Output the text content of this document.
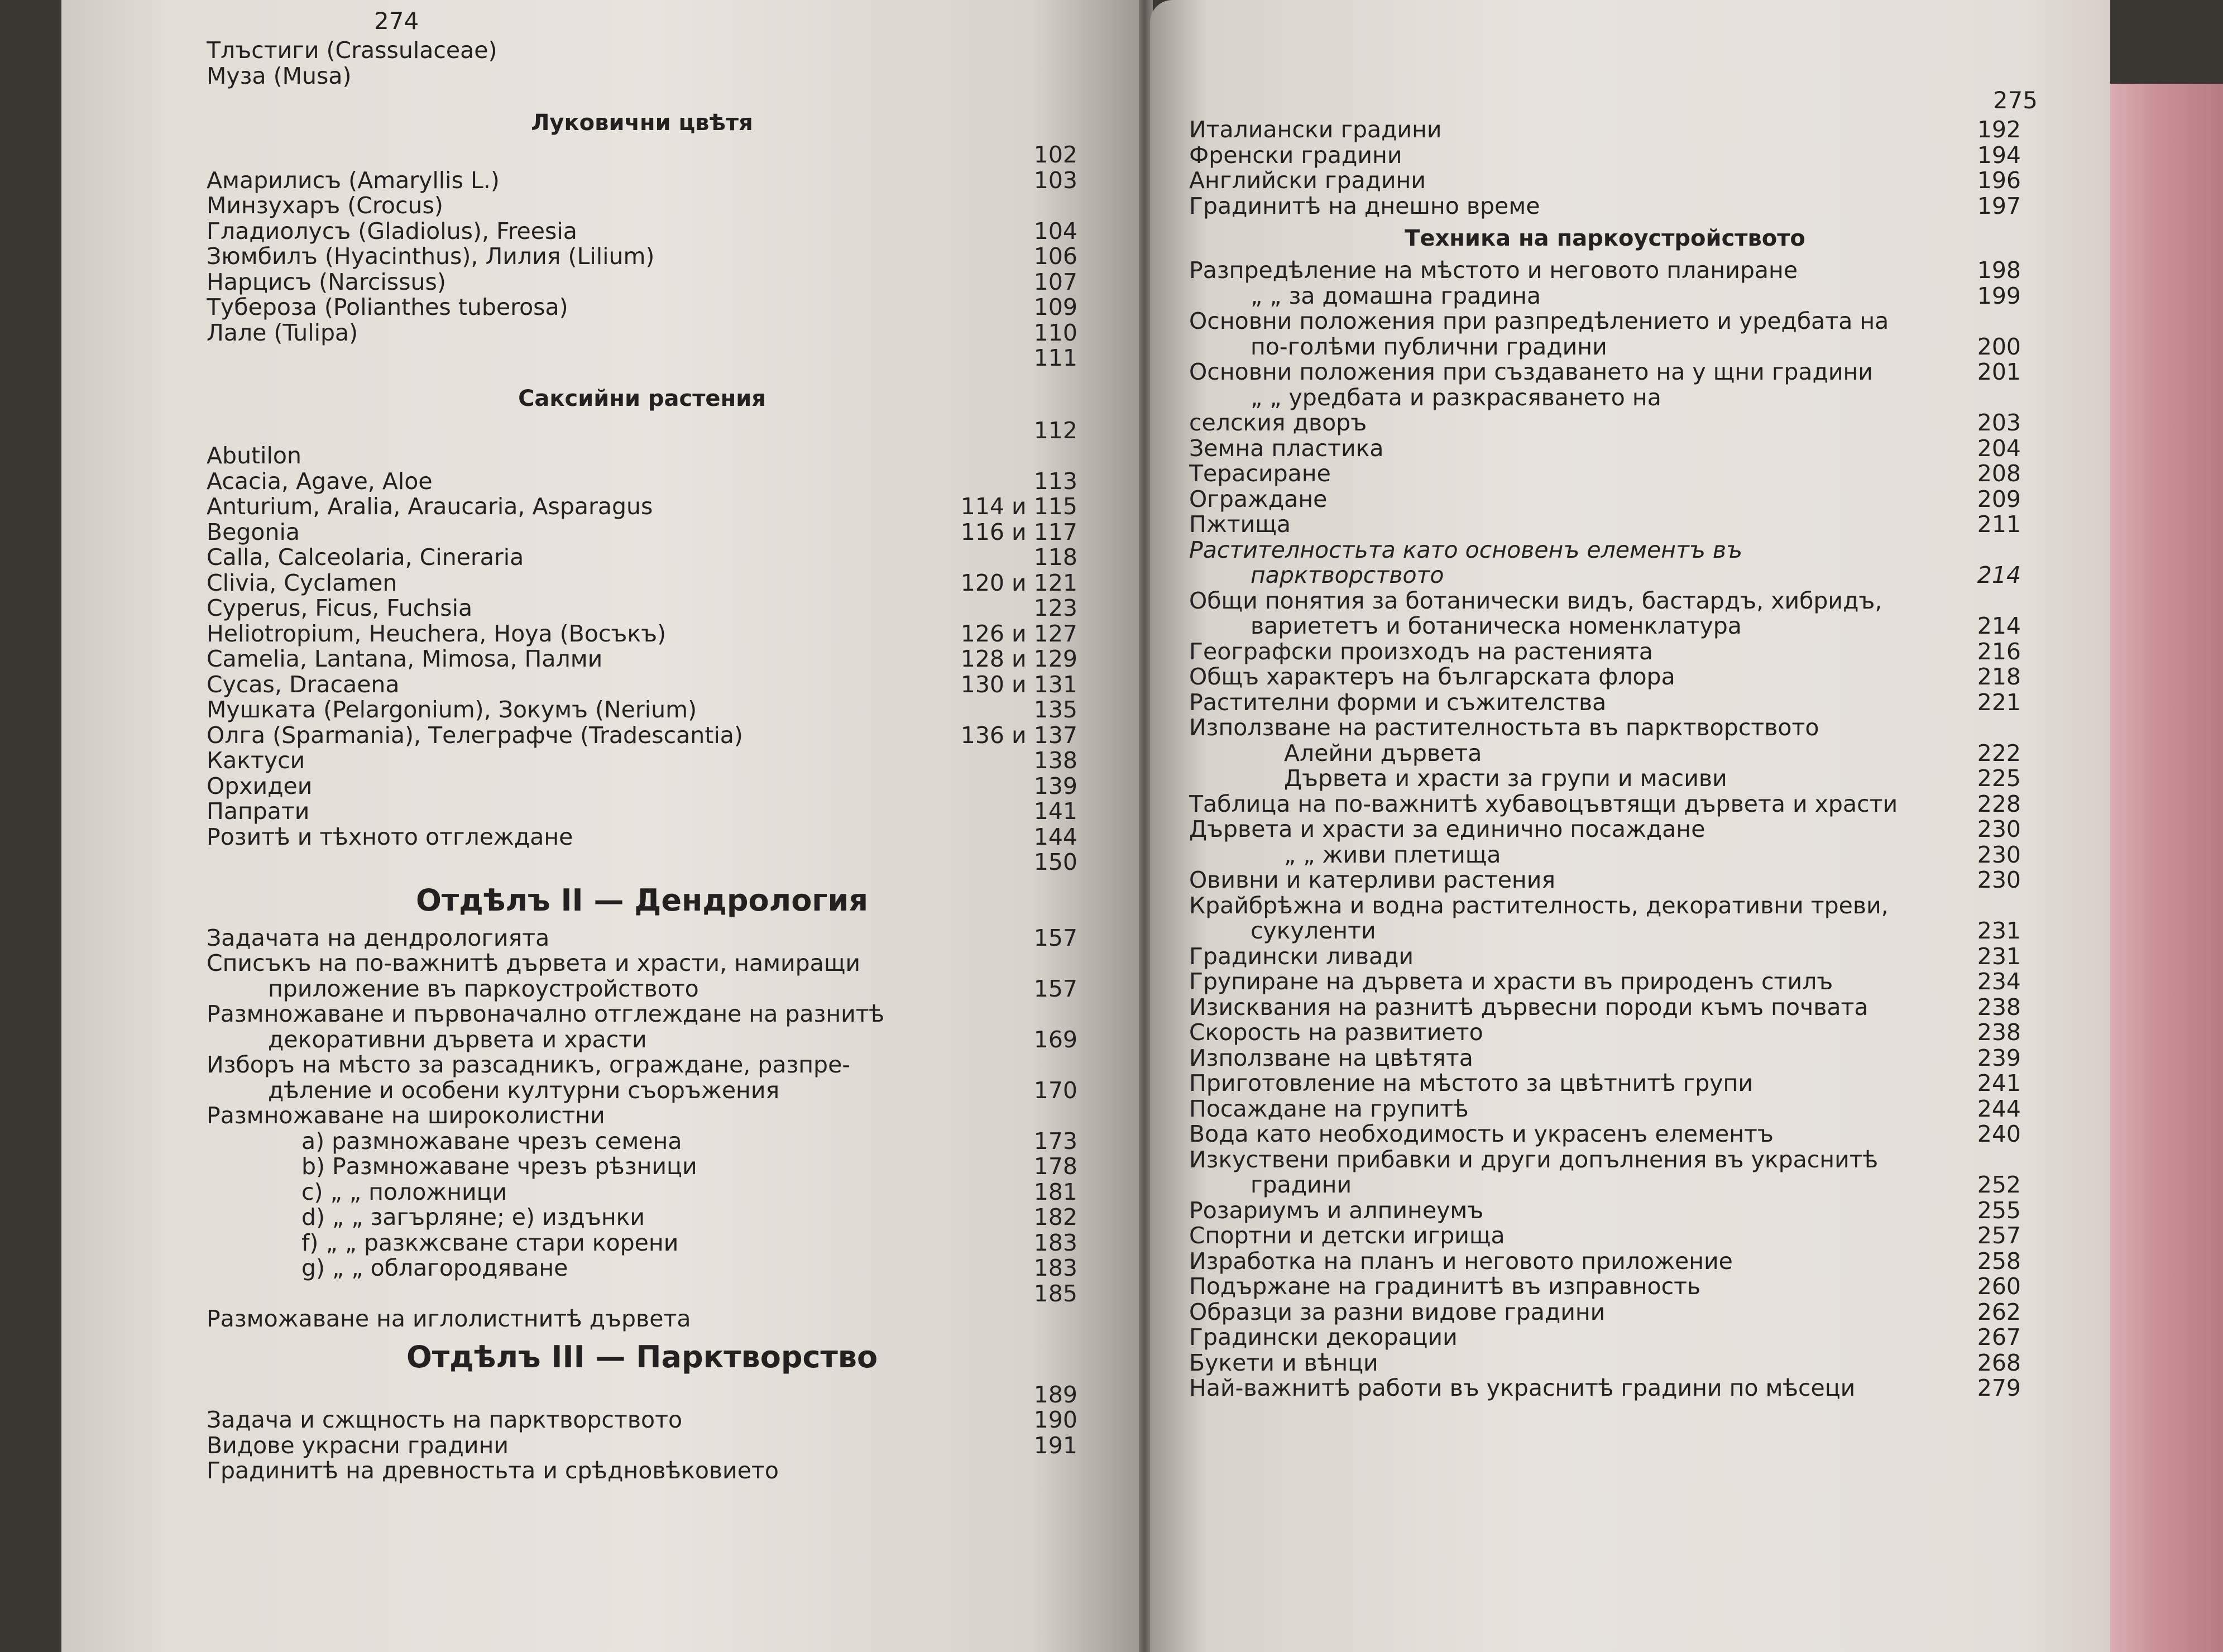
274
Тлъстиги (Crassulaceae)
Муза (Musa)
Луковични цвѣтя
102
Амарилисъ (Amaryllis L.)	103
Минзухаръ (Crocus)
Гладиолусъ (Gladiolus), Freesia	104
Зюмбилъ (Hyacinthus), Лилия (Lilium)	106
Нарцисъ (Narcissus)	107
Тубероза (Polianthes tuberosa)	109
Лале (Tulipa)	110
111
Саксийни растения
112
Abutilon
Acacia, Agave, Aloe	113
Anturium, Aralia, Araucaria, Asparagus	114 и 115
Begonia	116 и 117
Calla, Calceolaria, Cineraria	118
Clivia, Cyclamen	120 и 121
Cyperus, Ficus, Fuchsia	123
Heliotropium, Heuchera, Hoya (Восъкъ)	126 и 127
Camelia, Lantana, Mimosa, Палми	128 и 129
Cycas, Dracaena	130 и 131
Мушката (Pelargonium), Зокумъ (Nerium)	135
Олга (Sparmania), Телеграфче (Tradescantia)	136 и 137
Кактуси	138
Орхидеи	139
Папрати	141
Розитѣ и тѣхното отглеждане	144
150
Отдѣлъ II — Дендрология
Задачата на дендрологията	157
Списъкъ на по-важнитѣ дървета и храсти, намиращи
приложение въ паркоустройството	157
Размножаване и първоначално отглеждане на разнитѣ
декоративни дървета и храсти	169
Изборъ на мѣсто за разсадникъ, ограждане, разпре-
дѣление и особени културни съоръжения	170
Размножаване на широколистни
а) размножаване чрезъ семена	173
b) Размножаване чрезъ рѣзници	178
c) „ „ положници	181
d) „ „ загърляне; e) издънки	182
f) „ „ разкжсване стари корени	183
g) „ „ облагородяване	183
185
Разможаване на иглолистнитѣ дървета
Отдѣлъ III — Парктворство
189
Задача и сжщность на парктворството	190
Видове украсни градини	191
Градинитѣ на древностьта и срѣдновѣковието
275
Италиански градини	192
Френски градини	194
Английски градини	196
Градинитѣ на днешно време	197
Техника на паркоустройството
Разпредѣление на мѣстото и неговото планиране	198
„ „ за домашна градина	199
Основни положения при разпредѣлението и уредбата на
по-голѣми публични градини	200
Основни положения при създаването на у щни градини	201
„ „ уредбата и разкрасяването на
селския дворъ	203
Земна пластика	204
Терасиране	208
Ограждане	209
Пжтища	211
Растителностьта като основенъ елементъ въ
парктворството	214
Общи понятия за ботанически видъ, бастардъ, хибридъ,
вариететъ и ботаническа номенклатура	214
Географски произходъ на растенията	216
Общъ характеръ на българската флора	218
Растителни форми и съжителства	221
Използване на растителностьта въ парктворството
Алейни дървета	222
Дървета и храсти за групи и масиви	225
Таблица на по-важнитѣ хубавоцъвтящи дървета и храсти	228
Дървета и храсти за единично посаждане	230
„ „ живи плетища	230
Овивни и катерливи растения	230
Крайбрѣжна и водна растителность, декоративни треви,
сукуленти	231
Градински ливади	231
Групиране на дървета и храсти въ природенъ стилъ	234
Изисквания на разнитѣ дървесни породи къмъ почвата	238
Скорость на развитието	238
Използване на цвѣтята	239
Приготовление на мѣстото за цвѣтнитѣ групи	241
Посаждане на групитѣ	244
Вода като необходимость и украсенъ елементъ	240
Изкуствени прибавки и други допълнения въ украснитѣ
градини	252
Розариумъ и алпинеумъ	255
Спортни и детски игрища	257
Изработка на планъ и неговото приложение	258
Подържане на градинитѣ въ изправность	260
Образци за разни видове градини	262
Градински декорации	267
Букети и вѣнци	268
Най-важнитѣ работи въ украснитѣ градини по мѣсеци	279
